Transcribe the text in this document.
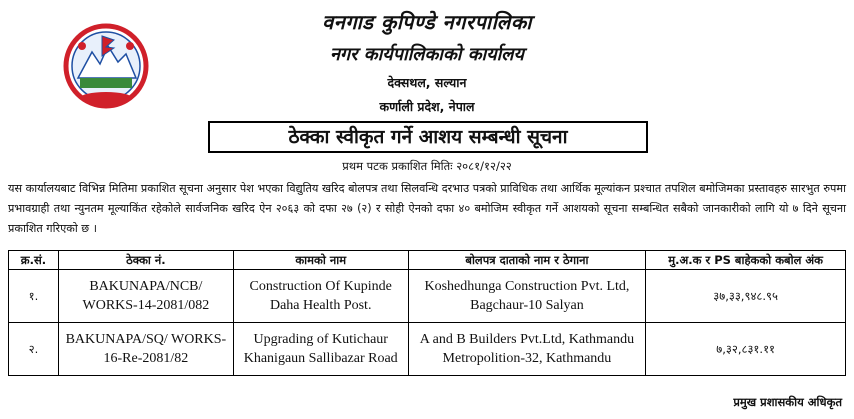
वनगाड कुपिण्डे नगरपालिका
नगर कार्यपालिकाको कार्यालय
देक्सथल, सल्यान
कर्णाली प्रदेश, नेपाल
ठेक्का स्वीकृत गर्ने आशय सम्बन्धी सूचना
प्रथम पटक प्रकाशित मितिः २०८१/१२/२२
यस कार्यालयबाट विभिन्न मितिमा प्रकाशित सूचना अनुसार पेश भएका विद्युतिय खरिद बोलपत्र तथा सिलवन्धि दरभाउ पत्रको प्राविधिक तथा आर्थिक मूल्यांकन प्रश्चात तपशिल बमोजिमका प्रस्तावहरु सारभुत रुपमा प्रभावग्राही तथा न्युनतम मूल्याकिंत रहेकोले सार्वजनिक खरिद ऐन २०६३ को दफा २७ (२) र सोही ऐनको दफा ४० बमोजिम स्वीकृत गर्ने आशयको सूचना सम्बन्धित सबैको जानकारीको लागि यो ७ दिने सूचना प्रकाशित गरिएको छ ।
क्र.सं.	ठेक्का नं.	कामको नाम	बोलपत्र दाताको नाम र ठेगाना	मु.अ.क र PS बाहेकको कबोल अंक
१.	BAKUNAPA/NCB/ WORKS-14-2081/082	Construction Of Kupinde Daha Health Post.	Koshedhunga Construction Pvt. Ltd, Bagchaur-10 Salyan	३७,३३,९४८.९५
२.	BAKUNAPA/SQ/ WORKS-16-Re-2081/82	Upgrading of Kutichaur Khanigaun Sallibazar Road	A and B Builders Pvt.Ltd, Kathmandu Metropolition-32, Kathmandu	७,३२,८३१.११
प्रमुख प्रशासकीय अधिकृत
